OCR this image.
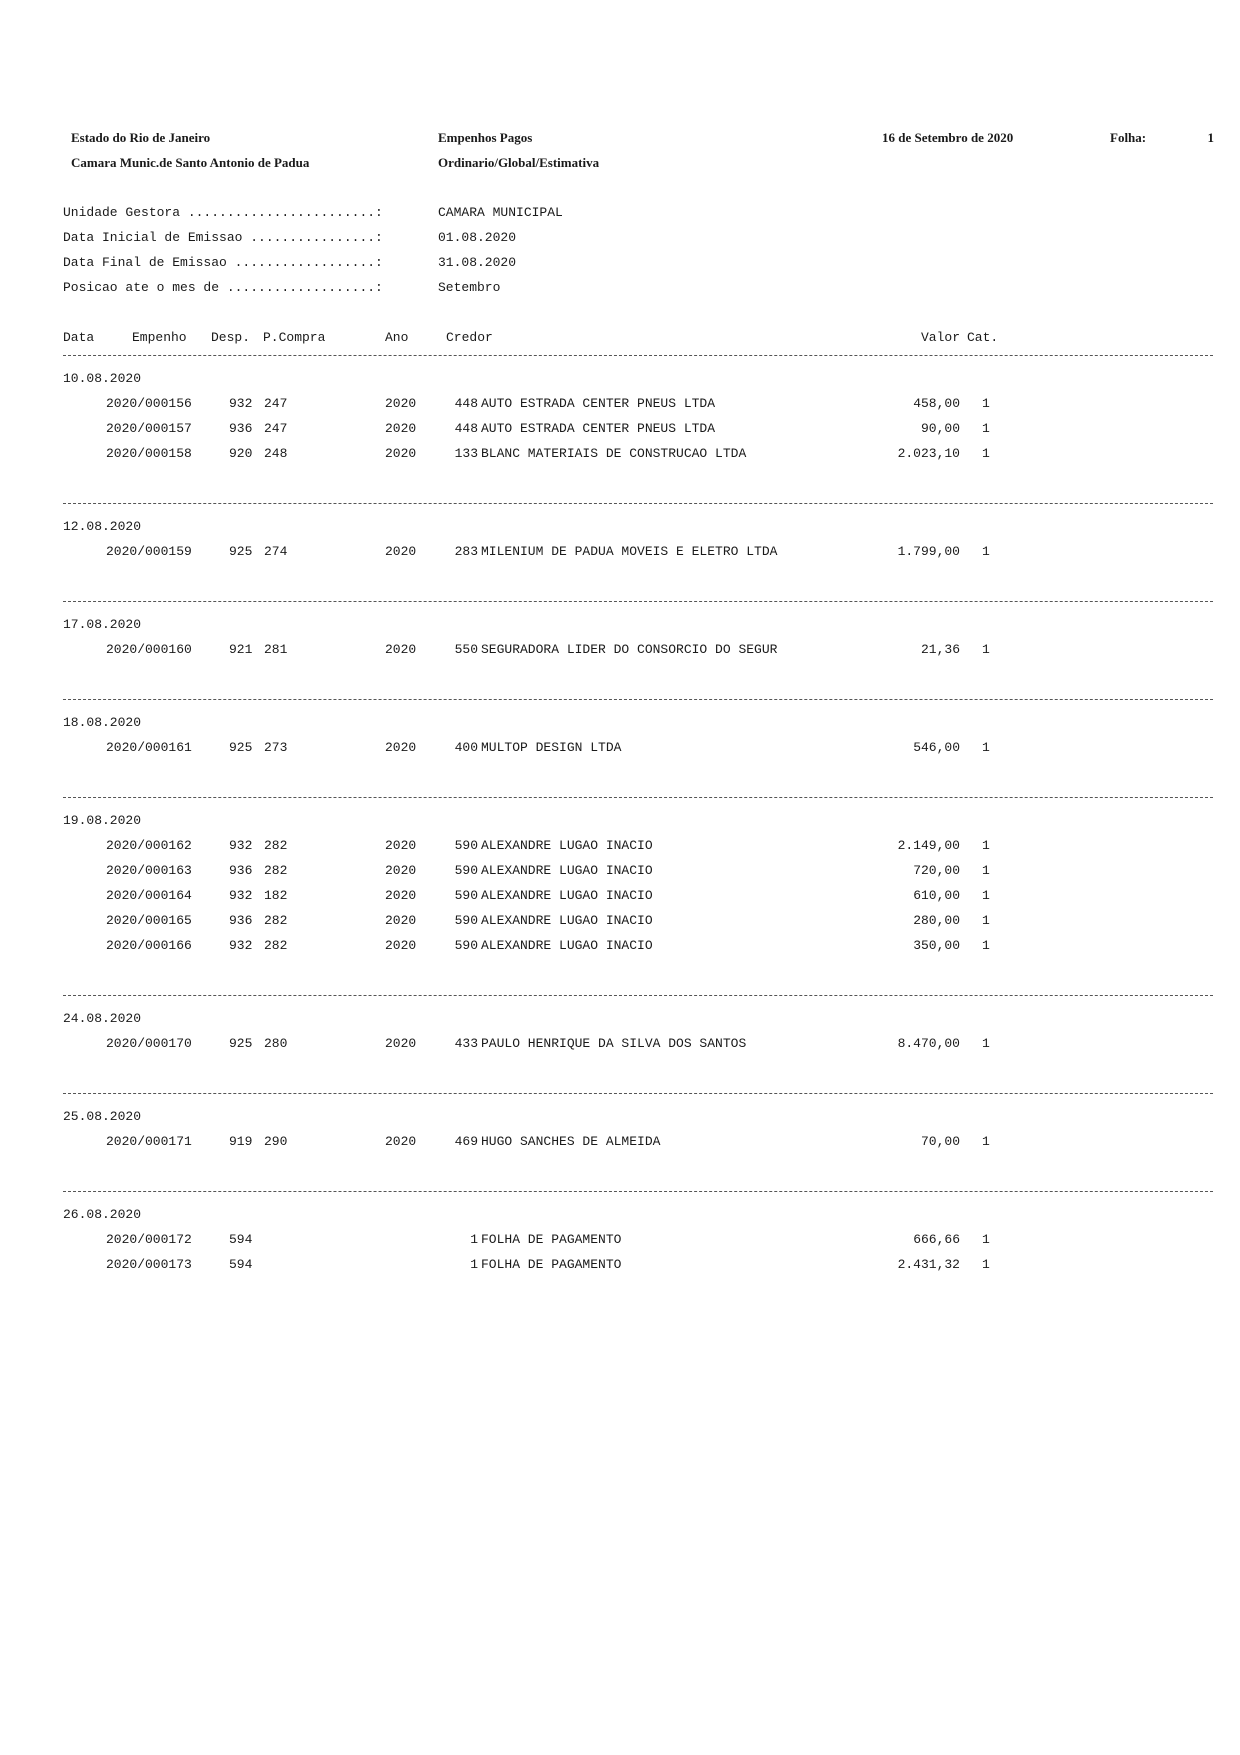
Estado do Rio de Janeiro
Camara Munic.de Santo Antonio de Padua
Empenhos Pagos
Ordinario/Global/Estimativa
16 de Setembro de 2020	Folha:	1
Unidade Gestora ........................:	CAMARA MUNICIPAL
Data Inicial de Emissao ................:	01.08.2020
Data Final de Emissao ..................:	31.08.2020
Posicao ate o mes de ...................:	Setembro
Data	Empenho Desp. P.Compra	Ano	Credor	Valor Cat.
10.08.2020
2020/000156	932 247	2020	448 AUTO ESTRADA CENTER PNEUS LTDA	458,00 1
2020/000157	936 247	2020	448 AUTO ESTRADA CENTER PNEUS LTDA	90,00 1
2020/000158	920 248	2020	133 BLANC MATERIAIS DE CONSTRUCAO LTDA	2.023,10 1
12.08.2020
2020/000159	925 274	2020	283 MILENIUM DE PADUA MOVEIS E ELETRO LTDA	1.799,00 1
17.08.2020
2020/000160	921 281	2020	550 SEGURADORA LIDER DO CONSORCIO DO SEGUR	21,36 1
18.08.2020
2020/000161	925 273	2020	400 MULTOP DESIGN LTDA	546,00 1
19.08.2020
2020/000162	932 282	2020	590 ALEXANDRE LUGAO INACIO	2.149,00 1
2020/000163	936 282	2020	590 ALEXANDRE LUGAO INACIO	720,00 1
2020/000164	932 182	2020	590 ALEXANDRE LUGAO INACIO	610,00 1
2020/000165	936 282	2020	590 ALEXANDRE LUGAO INACIO	280,00 1
2020/000166	932 282	2020	590 ALEXANDRE LUGAO INACIO	350,00 1
24.08.2020
2020/000170	925 280	2020	433 PAULO HENRIQUE DA SILVA DOS SANTOS	8.470,00 1
25.08.2020
2020/000171	919 290	2020	469 HUGO SANCHES DE ALMEIDA	70,00 1
26.08.2020
2020/000172	594	1 FOLHA DE PAGAMENTO	666,66 1
2020/000173	594	1 FOLHA DE PAGAMENTO	2.431,32 1
